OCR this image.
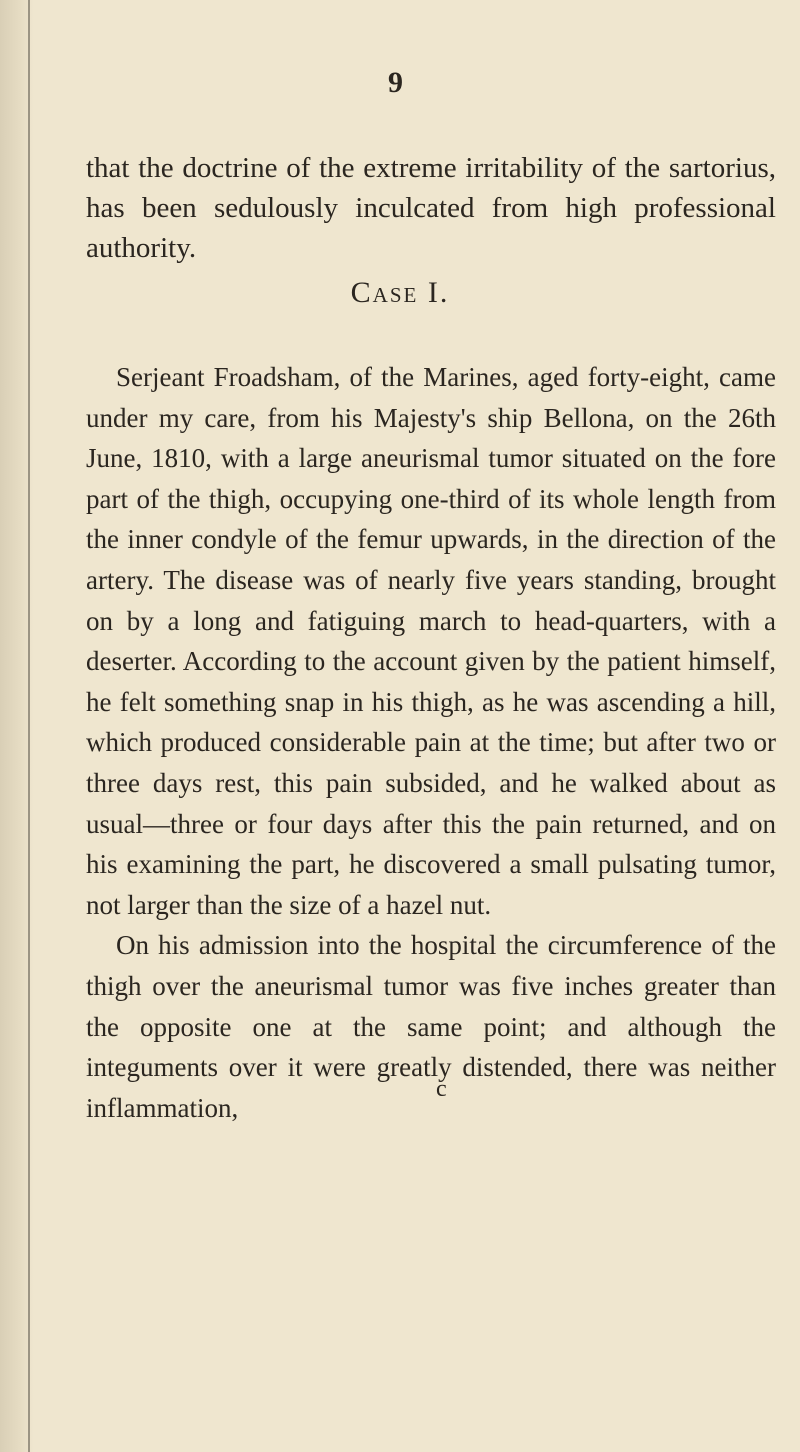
9

that the doctrine of the extreme irritability of the sartorius, has been sedulously inculcated from high professional authority.

Case I.

Serjeant Froadsham, of the Marines, aged forty-eight, came under my care, from his Majesty's ship Bellona, on the 26th June, 1810, with a large aneurismal tumor situated on the fore part of the thigh, occupying one-third of its whole length from the inner condyle of the femur upwards, in the direction of the artery. The disease was of nearly five years standing, brought on by a long and fatiguing march to head-quarters, with a deserter. According to the account given by the patient himself, he felt something snap in his thigh, as he was ascending a hill, which produced considerable pain at the time; but after two or three days rest, this pain subsided, and he walked about as usual—three or four days after this the pain returned, and on his examining the part, he discovered a small pulsating tumor, not larger than the size of a hazel nut.

On his admission into the hospital the circumference of the thigh over the aneurismal tumor was five inches greater than the opposite one at the same point; and although the integuments over it were greatly distended, there was neither inflammation,

c
